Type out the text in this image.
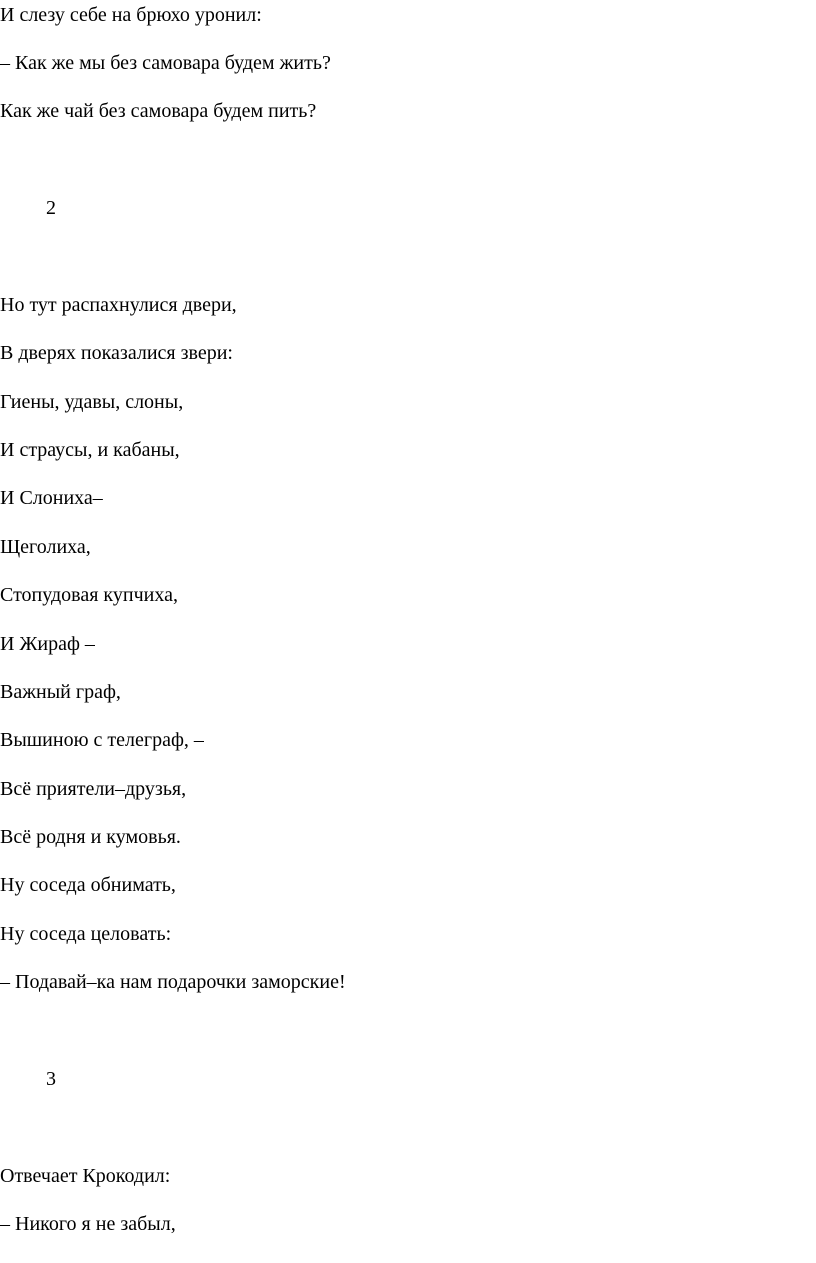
И слезу себе на брюхо уронил:
– Как же мы без самовара будем жить?
Как же чай без самовара будем пить?
2
Но тут распахнулися двери,
В дверях показалися звери:
Гиены, удавы, слоны,
И страусы, и кабаны,
И Слониха–
Щеголиха,
Стопудовая купчиха,
И Жираф –
Важный граф,
Вышиною с телеграф, –
Всё приятели–друзья,
Всё родня и кумовья.
Ну соседа обнимать,
Ну соседа целовать:
– Подавай–ка нам подарочки заморские!
3
Отвечает Крокодил:
– Никого я не забыл,
